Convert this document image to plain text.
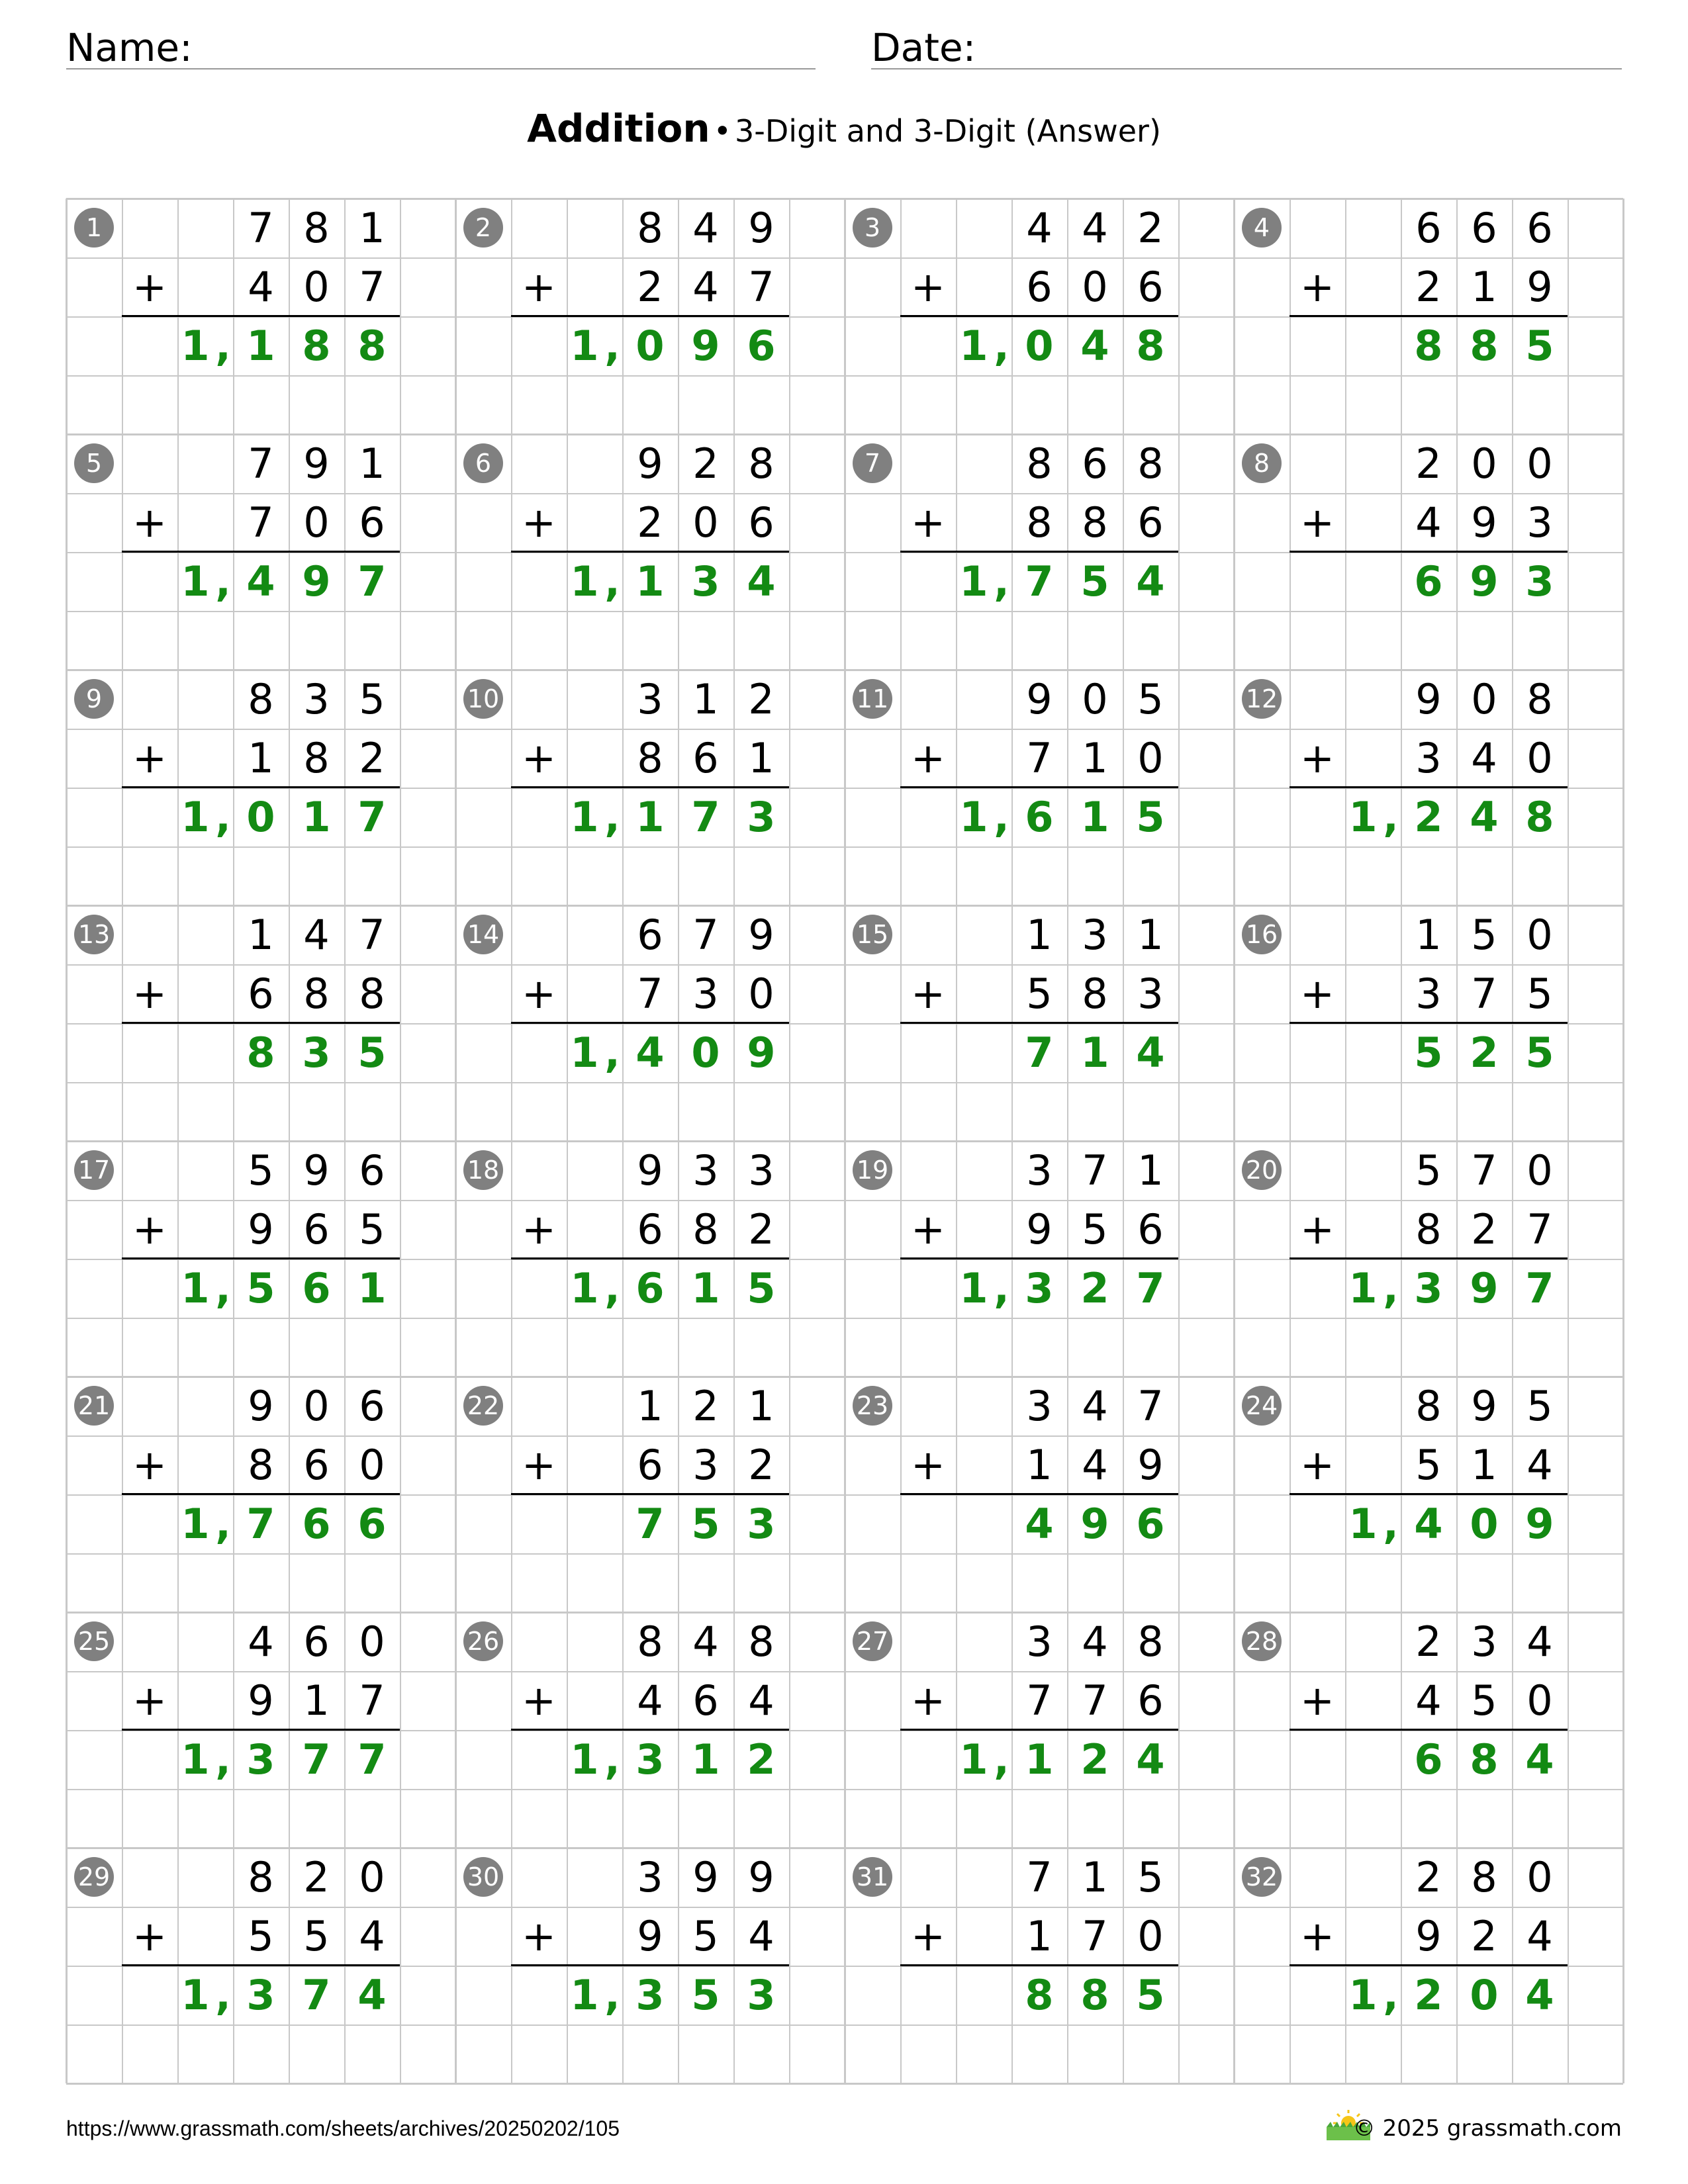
Name:	Date:
Addition • 3-Digit and 3-Digit (Answer)
1	7 8 1
+	4 0 7
1 , 1 8 8
2	8 4 9
+	2 4 7
1 , 0 9 6
3	4 4 2
+	6 0 6
1 , 0 4 8
4	6 6 6
+	2 1 9
8 8 5
5	7 9 1
+	7 0 6
1 , 4 9 7
6	9 2 8
+	2 0 6
1 , 1 3 4
7	8 6 8
+	8 8 6
1 , 7 5 4
8	2 0 0
+	4 9 3
6 9 3
9	8 3 5
+	1 8 2
1 , 0 1 7
10	3 1 2
+	8 6 1
1 , 1 7 3
11	9 0 5
+	7 1 0
1 , 6 1 5
12	9 0 8
+	3 4 0
1 , 2 4 8
13	1 4 7
+	6 8 8
8 3 5
14	6 7 9
+	7 3 0
1 , 4 0 9
15	1 3 1
+	5 8 3
7 1 4
16	1 5 0
+	3 7 5
5 2 5
17	5 9 6
+	9 6 5
1 , 5 6 1
18	9 3 3
+	6 8 2
1 , 6 1 5
19	3 7 1
+	9 5 6
1 , 3 2 7
20	5 7 0
+	8 2 7
1 , 3 9 7
21	9 0 6
+	8 6 0
1 , 7 6 6
22	1 2 1
+	6 3 2
7 5 3
23	3 4 7
+	1 4 9
4 9 6
24	8 9 5
+	5 1 4
1 , 4 0 9
25	4 6 0
+	9 1 7
1 , 3 7 7
26	8 4 8
+	4 6 4
1 , 3 1 2
27	3 4 8
+	7 7 6
1 , 1 2 4
28	2 3 4
+	4 5 0
6 8 4
29	8 2 0
+	5 5 4
1 , 3 7 4
30	3 9 9
+	9 5 4
1 , 3 5 3
31	7 1 5
+	1 7 0
8 8 5
32	2 8 0
+	9 2 4
1 , 2 0 4
https://www.grassmath.com/sheets/archives/20250202/105	© 2025 grassmath.com
